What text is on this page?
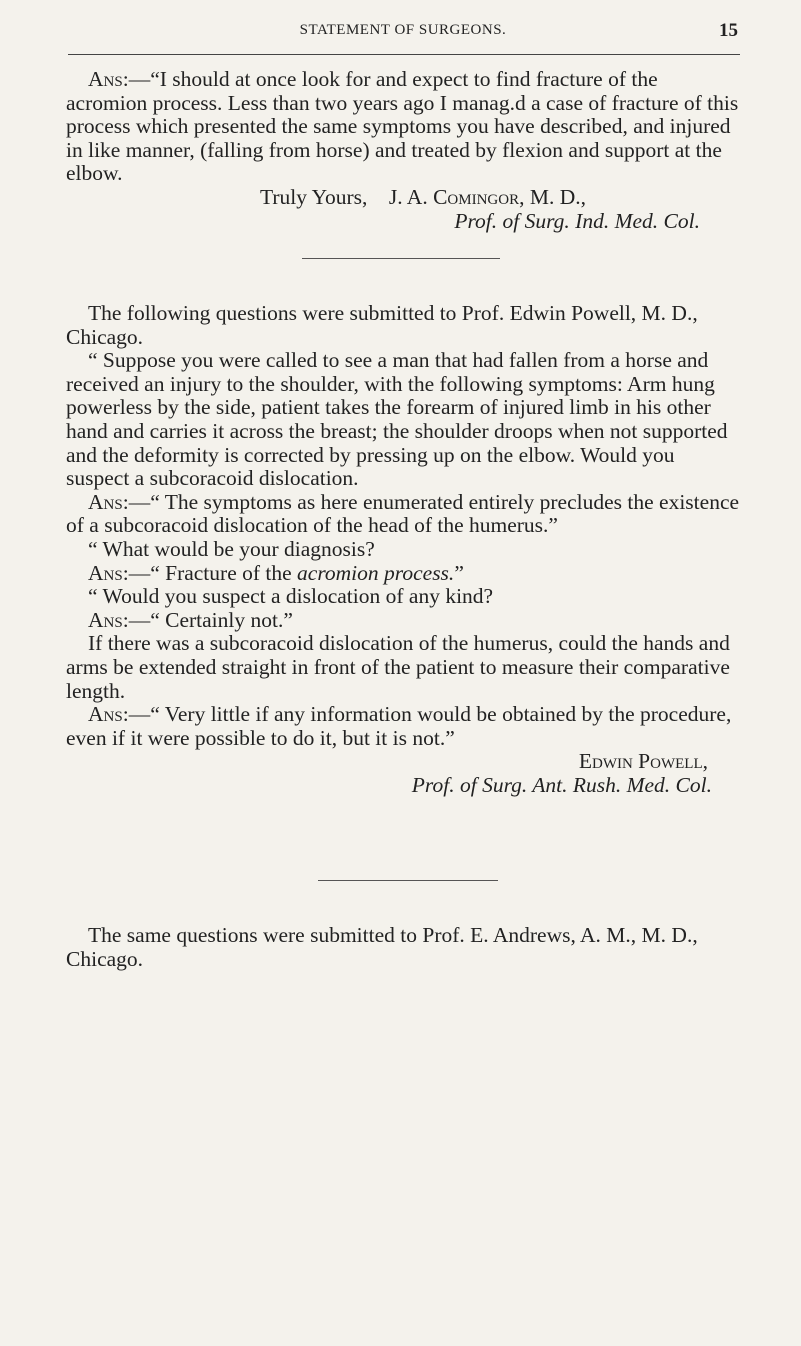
STATEMENT OF SURGEONS.	15

Ans:—“I should at once look for and expect to find fracture of the acromion process. Less than two years ago I manag.d a case of fracture of this process which presented the same symptoms you have described, and injured in like manner, (falling from horse) and treated by flexion and support at the elbow.

Truly Yours, J. A. Comingor, M. D.,

Prof. of Surg. Ind. Med. Col.

The following questions were submitted to Prof. Edwin Powell, M. D., Chicago.

“ Suppose you were called to see a man that had fallen from a horse and received an injury to the shoulder, with the following symptoms: Arm hung powerless by the side, patient takes the forearm of injured limb in his other hand and carries it across the breast; the shoulder droops when not supported and the deformity is corrected by pressing up on the elbow. Would you suspect a subcoracoid dislocation.

Ans:—“ The symptoms as here enumerated entirely precludes the existence of a subcoracoid dislocation of the head of the humerus.”

“ What would be your diagnosis?

Ans:—“ Fracture of the acromion process.”

“ Would you suspect a dislocation of any kind?

Ans:—“ Certainly not.”

If there was a subcoracoid dislocation of the humerus, could the hands and arms be extended straight in front of the patient to measure their comparative length.

Ans:—“ Very little if any information would be obtained by the procedure, even if it were possible to do it, but it is not.”

Edwin Powell,

Prof. of Surg. Ant. Rush. Med. Col.

The same questions were submitted to Prof. E. Andrews, A. M., M. D., Chicago.
